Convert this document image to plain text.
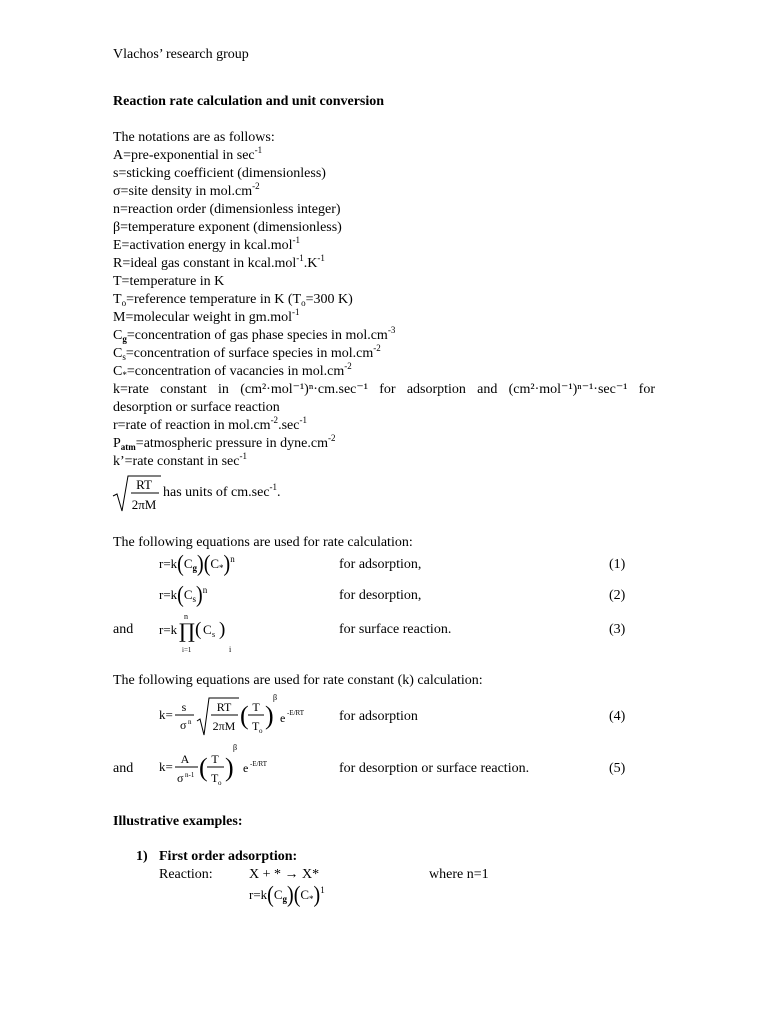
Vlachos’ research group
Reaction rate calculation and unit conversion
The notations are as follows:
A=pre-exponential in $\sec^{-1}$
s=sticking coefficient (dimensionless)
σ=site density in $mol.cm^{-2}$
n=reaction order (dimensionless integer)
β=temperature exponent (dimensionless)
E=activation energy in kcal.mol$^{-1}$
R=ideal gas constant in $kcal.mol^{-1}.K^{-1}$
T=temperature in K
$T_o=reference$ temperature in K ($T_o=300$ K)
M=molecular weight in gm.mol$^{-1}$
$C_g=concentration$ of gas phase species in $mol.cm^{-3}$
$C_s=concentration$ of surface species in $mol.cm^{-2}$
$C_*=concentration$ of vacancies in $mol.cm^{-2}$
k=rate constant in (cm²·mol⁻¹)ⁿ·cm.sec⁻¹ for adsorption and (cm²·mol⁻¹)ⁿ⁻¹·sec⁻¹ for
desorption or surface reaction
r=rate of reaction in $mol.cm^{-2}.\sec^{-1}$
$P_{atm}=atmospheric$ pressure in $dyne.cm^{-2}$
k’=rate constant in $\sec^{-1}$
RT
2πM
has units of $cm.\sec^{-1}$.
The following equations are used for rate calculation:
$r=k(C_g)(C_*)^n$	for adsorption,	(1)
$r=k(C_s)^n$	for desorption,	(2)
and r=k
n
∏
i=1
( C s )
i
for surface reaction.	(3)
The following equations are used for rate constant (k) calculation:
k= s
σ n
RT
2πM ( T
T o
)
β
e -E/RT for adsorption	(4)
and k= A
σ n-1 ( T
T o
)
β
e -E/RT	for desorption or surface reaction.	(5)
Illustrative examples:
1) First order adsorption:
Reaction:	X + * → X*	where n=1
$r=k(C_g)(C_*)^1$
